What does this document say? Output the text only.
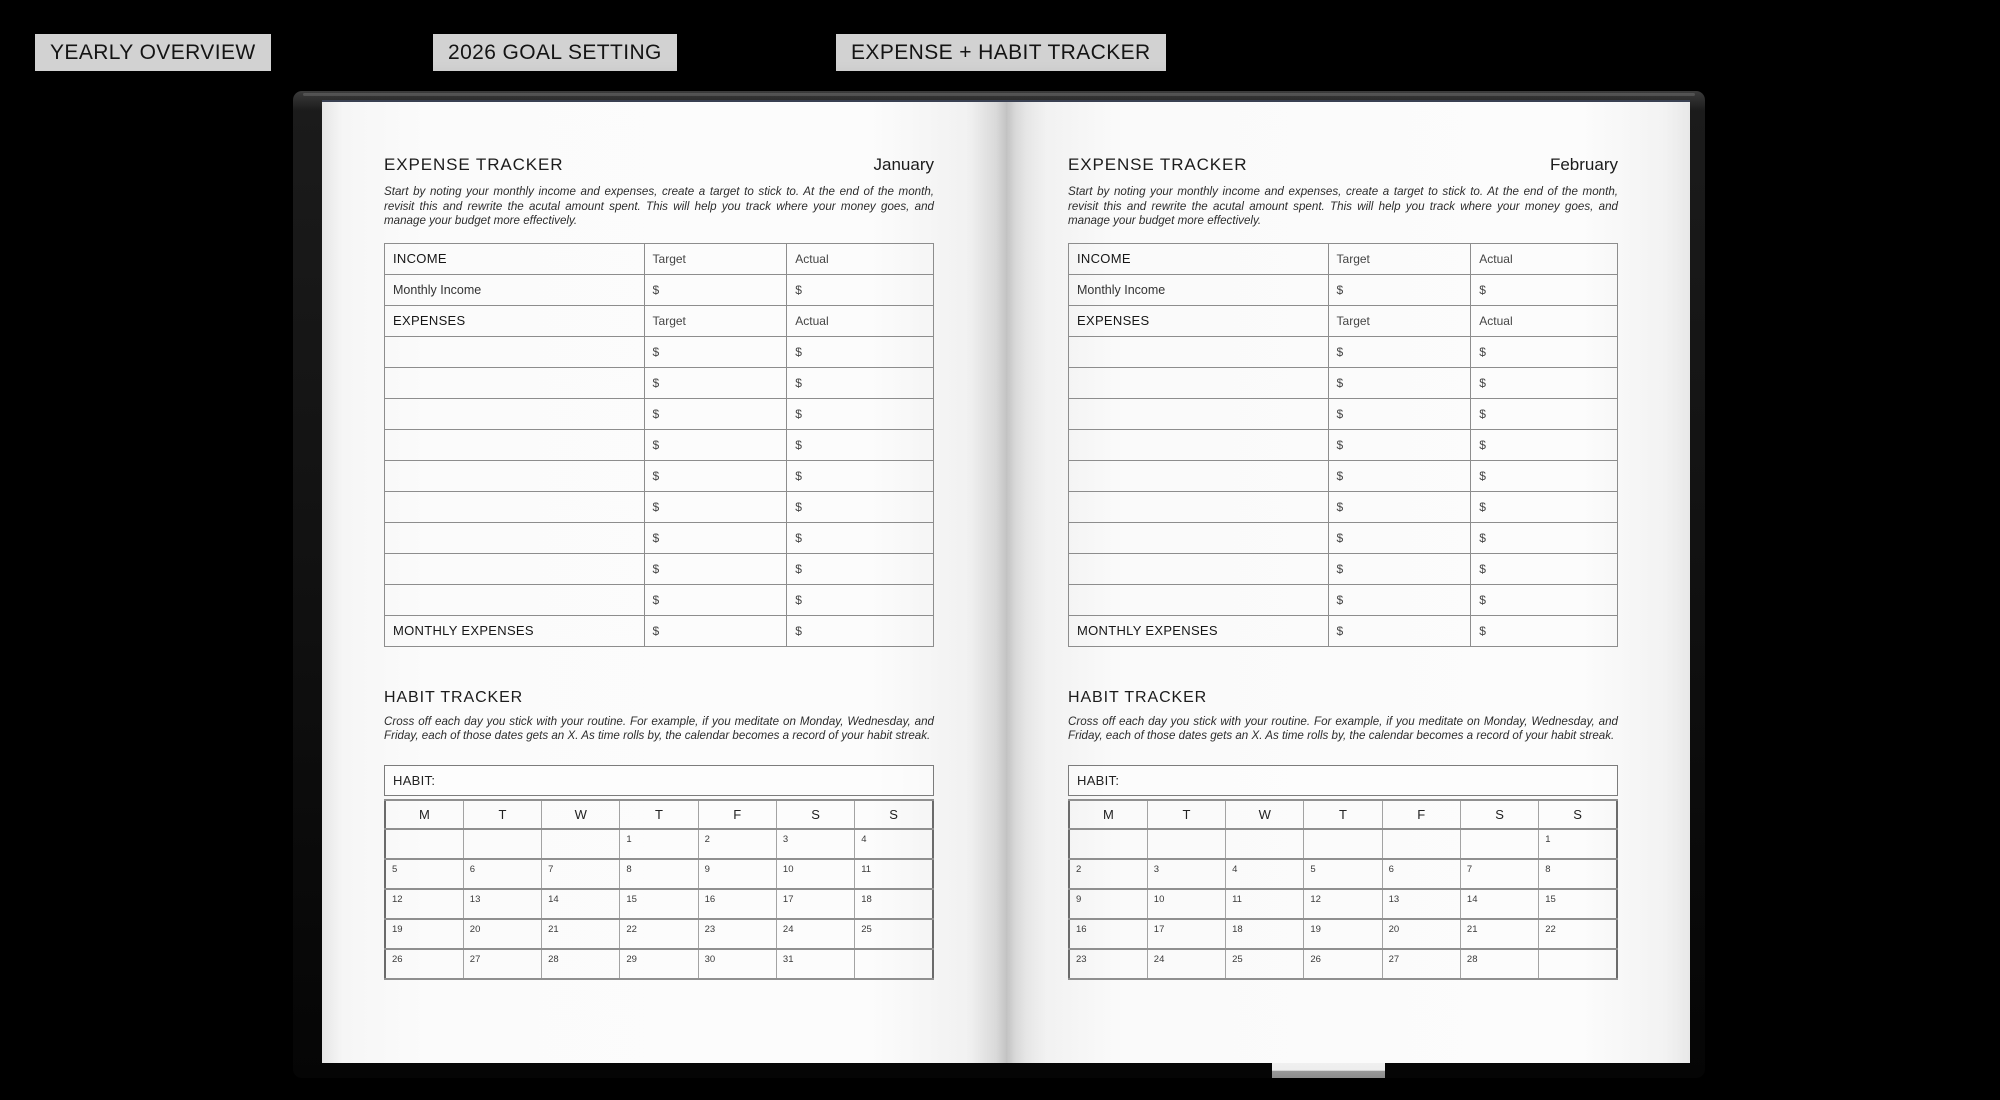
YEARLY OVERVIEW	2026 GOAL SETTING	EXPENSE + HABIT TRACKER
EXPENSE TRACKER	January

Start by noting your monthly income and expenses, create a target to stick to. At the end of the month, revisit this and rewrite the acutal amount spent. This will help you track where your money goes, and manage your budget more effectively.

INCOME	Target	Actual
Monthly Income	$	$
EXPENSES	Target	Actual
	$	$
	$	$
	$	$
	$	$
	$	$
	$	$
	$	$
	$	$
	$	$
MONTHLY EXPENSES	$	$
HABIT TRACKER

Cross off each day you stick with your routine. For example, if you meditate on Monday, Wednesday, and Friday, each of those dates gets an X. As time rolls by, the calendar becomes a record of your habit streak.

HABIT:
M	T	W	T	F	S	S
			1	2	3	4
5	6	7	8	9	10	11
12	13	14	15	16	17	18
19	20	21	22	23	24	25
26	27	28	29	30	31	
EXPENSE TRACKER	February

Start by noting your monthly income and expenses, create a target to stick to. At the end of the month, revisit this and rewrite the acutal amount spent. This will help you track where your money goes, and manage your budget more effectively.

INCOME	Target	Actual
Monthly Income	$	$
EXPENSES	Target	Actual
	$	$
	$	$
	$	$
	$	$
	$	$
	$	$
	$	$
	$	$
	$	$
MONTHLY EXPENSES	$	$
HABIT TRACKER

Cross off each day you stick with your routine. For example, if you meditate on Monday, Wednesday, and Friday, each of those dates gets an X. As time rolls by, the calendar becomes a record of your habit streak.

HABIT:
M	T	W	T	F	S	S
						1
2	3	4	5	6	7	8
9	10	11	12	13	14	15
16	17	18	19	20	21	22
23	24	25	26	27	28	
